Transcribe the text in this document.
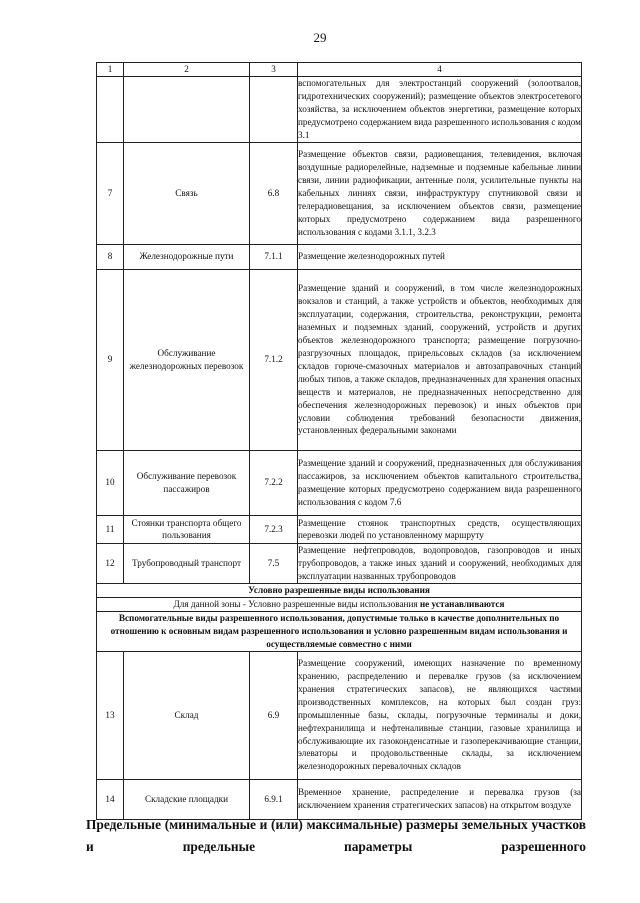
29
1	2	3	4
			вспомогательных для электростанций сооружений (золоотвалов, гидротехнических сооружений); размещение объектов электросетевого хозяйства, за исключением объектов энергетики, размещение которых предусмотрено содержанием вида разрешенного использования с кодом 3.1
7	Связь	6.8	Размещение объектов связи, радиовещания, телевидения, включая воздушные радиорелейные, надземные и подземные кабельные линии связи, линии радиофикации, антенные поля, усилительные пункты на кабельных линиях связи, инфраструктуру спутниковой связи и телерадиовещания, за исключением объектов связи, размещение которых предусмотрено содержанием вида разрешенного использования с кодами 3.1.1, 3.2.3
8	Железнодорожные пути	7.1.1	Размещение железнодорожных путей
9	Обслуживание железнодорожных перевозок	7.1.2	Размещение зданий и сооружений, в том числе железнодорожных вокзалов и станций, а также устройств и объектов, необходимых для эксплуатации, содержания, строительства, реконструкции, ремонта наземных и подземных зданий, сооружений, устройств и других объектов железнодорожного транспорта; размещение погрузочно-разгрузочных площадок, прирельсовых складов (за исключением складов горюче-смазочных материалов и автозаправочных станций любых типов, а также складов, предназначенных для хранения опасных веществ и материалов, не предназначенных непосредственно для обеспечения железнодорожных перевозок) и иных объектов при условии соблюдения требований безопасности движения, установленных федеральными законами
10	Обслуживание перевозок пассажиров	7.2.2	Размещение зданий и сооружений, предназначенных для обслуживания пассажиров, за исключением объектов капитального строительства, размещение которых предусмотрено содержанием вида разрешенного использования с кодом 7.6
11	Стоянки транспорта общего пользования	7.2.3	Размещение стоянок транспортных средств, осуществляющих перевозки людей по установленному маршруту
12	Трубопроводный транспорт	7.5	Размещение нефтепроводов, водопроводов, газопроводов и иных трубопроводов, а также иных зданий и сооружений, необходимых для эксплуатации названных трубопроводов
Условно разрешенные виды использования			
Для данной зоны - Условно разрешенные виды использования не устанавливаются			
Вспомогательные виды разрешенного использования, допустимые только в качестве дополнительных по отношению к основным видам разрешенного использования и условно разрешенным видам использования и осуществляемые совместно с ними			
13	Склад	6.9	Размещение сооружений, имеющих назначение по временному хранению, распределению и перевалке грузов (за исключением хранения стратегических запасов), не являющихся частями производственных комплексов, на которых был создан груз: промышленные базы, склады, погрузочные терминалы и доки, нефтехранилища и нефтеналивные станции, газовые хранилища и обслуживающие их газоконденсатные и газоперекачивающие станции, элеваторы и продовольственные склады, за исключением железнодорожных перевалочных складов
14	Складские площадки	6.9.1	Временное хранение, распределение и перевалка грузов (за исключением хранения стратегических запасов) на открытом воздухе
Предельные (минимальные и (или) максимальные) размеры земельных участков и предельные параметры разрешенного
